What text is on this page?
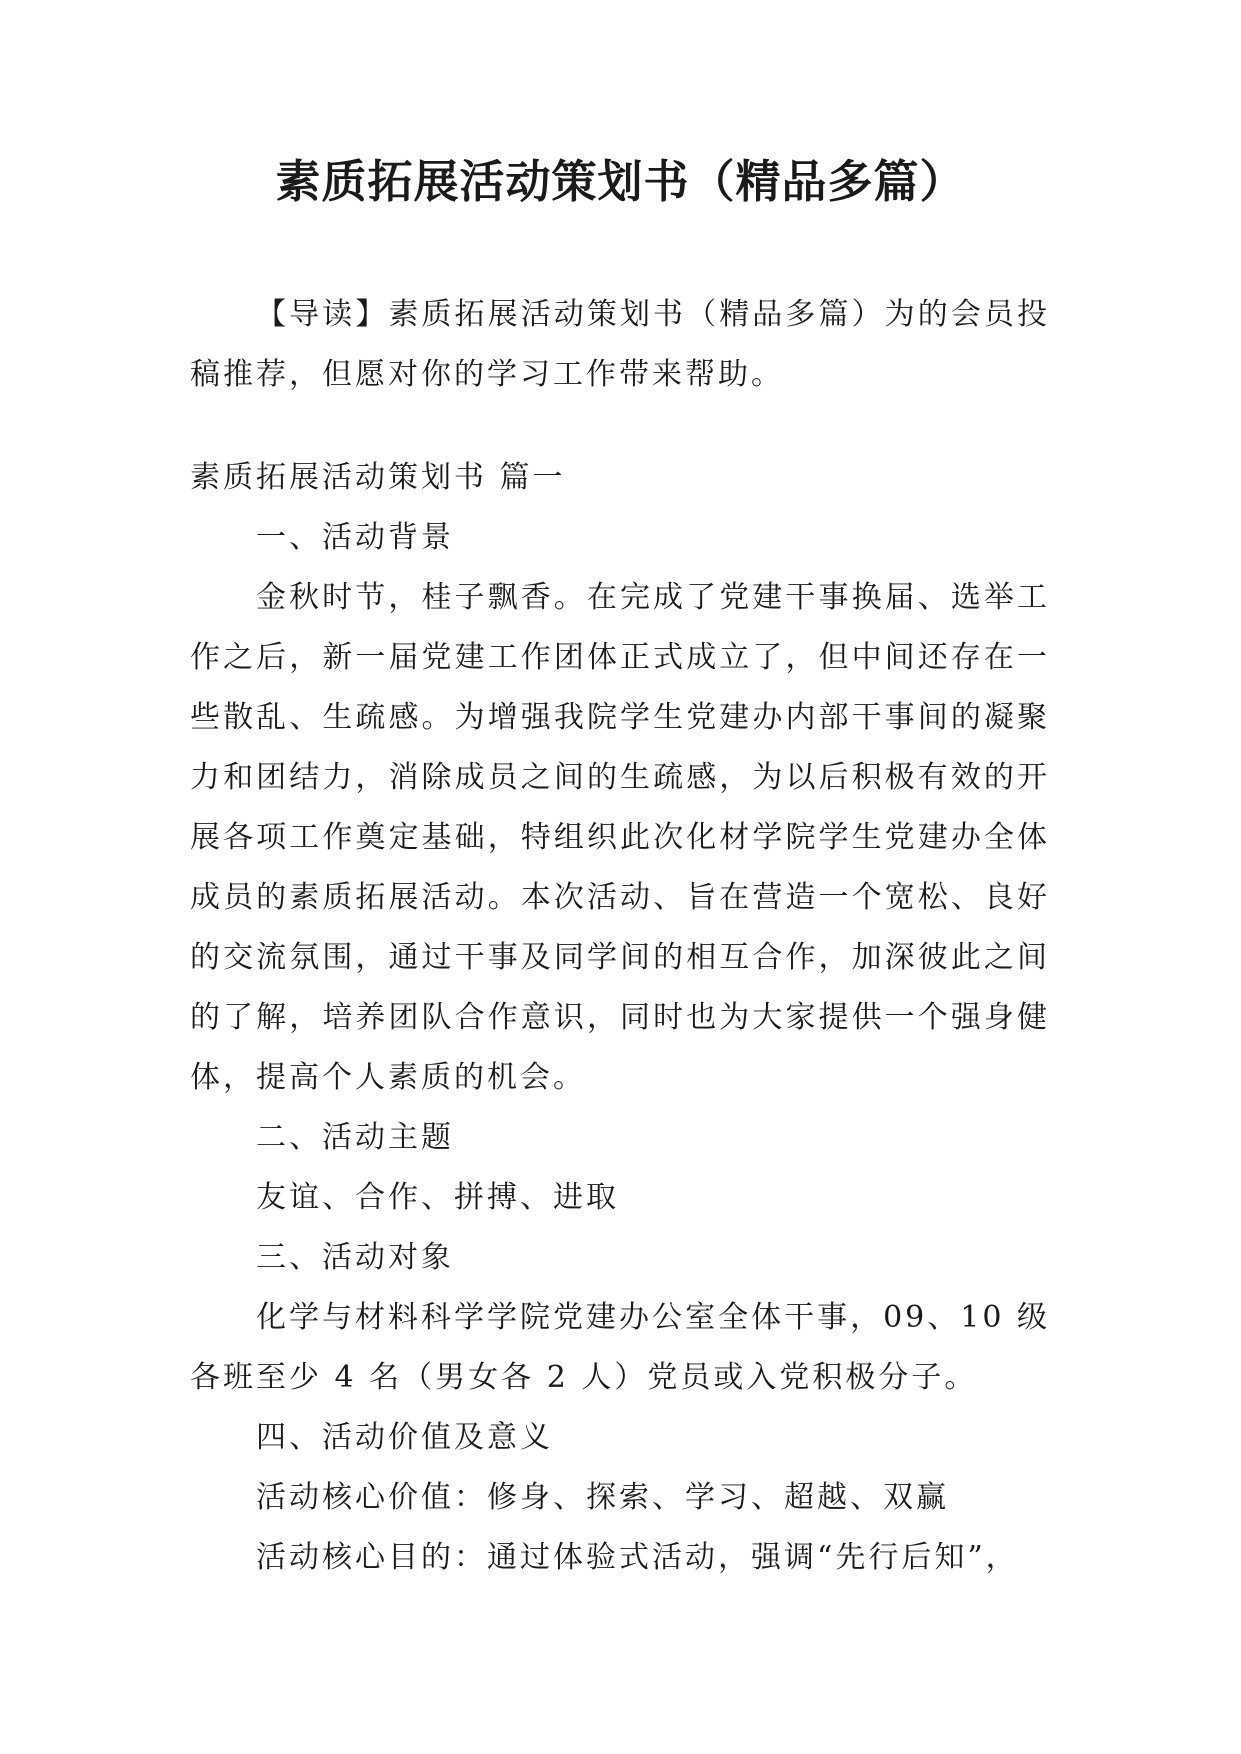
素质拓展活动策划书（精品多篇）

【导读】素质拓展活动策划书（精品多篇）为的会员投稿推荐，但愿对你的学习工作带来帮助。

素质拓展活动策划书 篇一

一、活动背景

金秋时节，桂子飘香。在完成了党建干事换届、选举工作之后，新一届党建工作团体正式成立了，但中间还存在一些散乱、生疏感。为增强我院学生党建办内部干事间的凝聚力和团结力，消除成员之间的生疏感，为以后积极有效的开展各项工作奠定基础，特组织此次化材学院学生党建办全体成员的素质拓展活动。本次活动、旨在营造一个宽松、良好的交流氛围，通过干事及同学间的相互合作，加深彼此之间的了解，培养团队合作意识，同时也为大家提供一个强身健体，提高个人素质的机会。

二、活动主题

友谊、合作、拼搏、进取

三、活动对象

化学与材料科学学院党建办公室全体干事，09、10 级各班至少 4 名（男女各 2 人）党员或入党积极分子。

四、活动价值及意义

活动核心价值：修身、探索、学习、超越、双赢

活动核心目的：通过体验式活动，强调“先行后知”，
